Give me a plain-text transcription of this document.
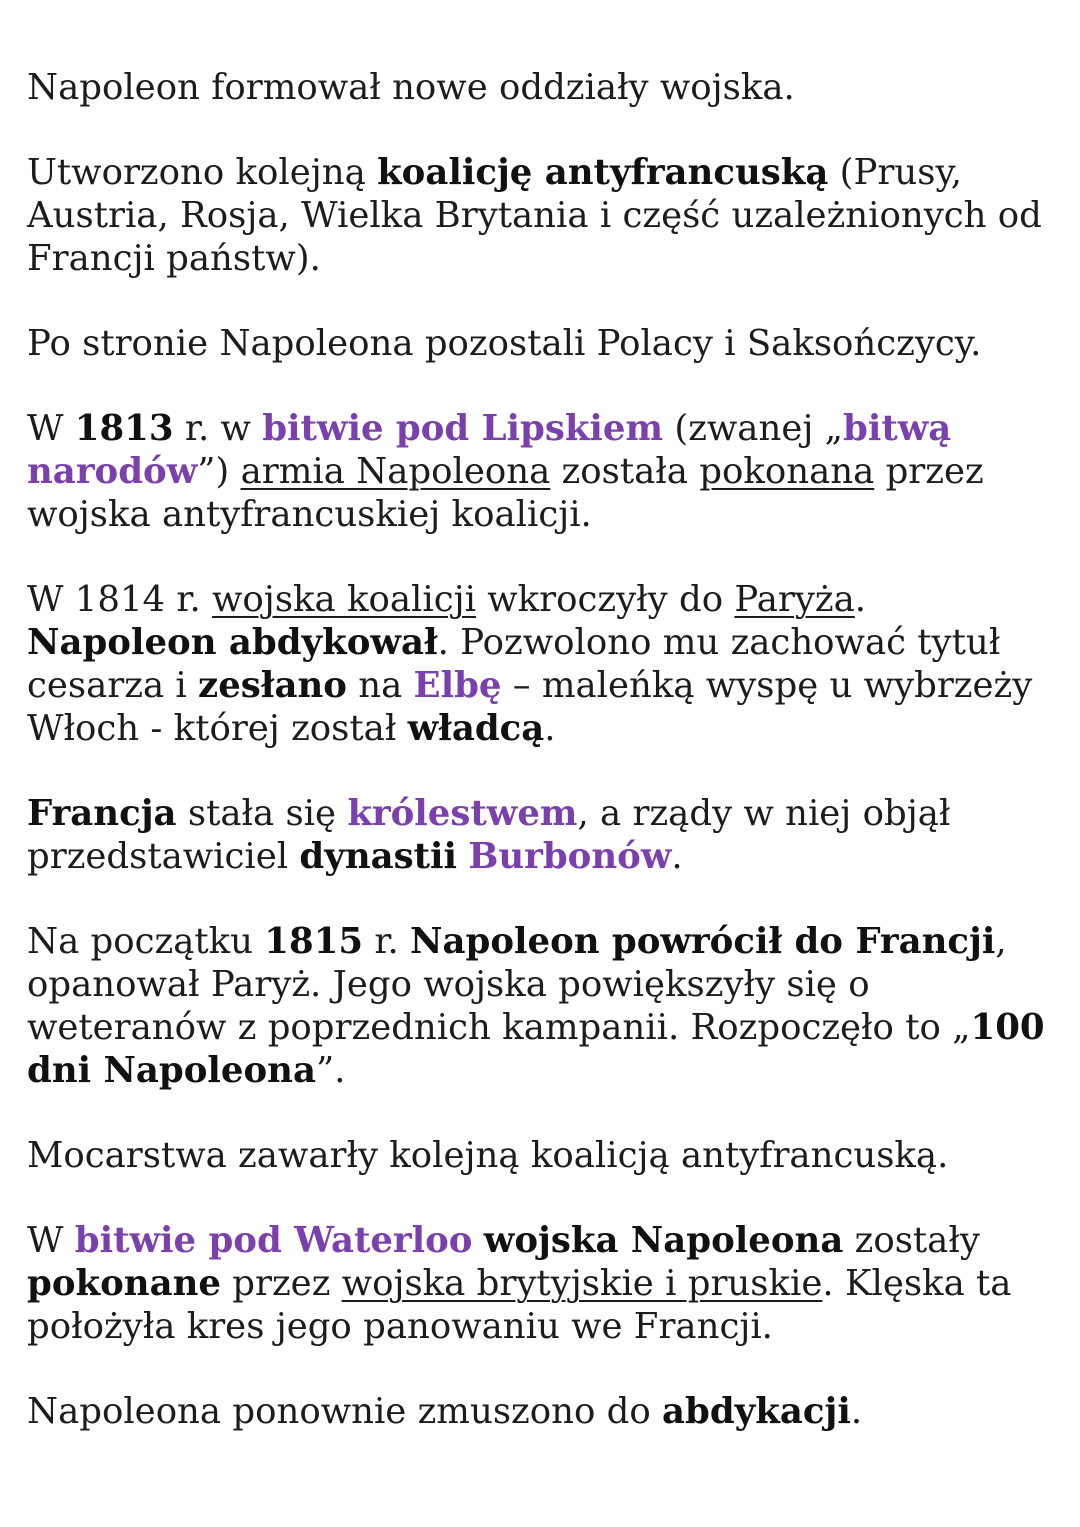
Napoleon formował nowe oddziały wojska.

Utworzono kolejną koalicję antyfrancuską (Prusy, Austria, Rosja, Wielka Brytania i część uzależnionych od Francji państw).

Po stronie Napoleona pozostali Polacy i Saksończycy.

W 1813 r. w bitwie pod Lipskiem (zwanej „bitwą narodów”) armia Napoleona została pokonana przez wojska antyfrancuskiej koalicji.

W 1814 r. wojska koalicji wkroczyły do Paryża. Napoleon abdykował. Pozwolono mu zachować tytuł cesarza i zesłano na Elbę – maleńką wyspę u wybrzeży Włoch - której został władcą.

Francja stała się królestwem, a rządy w niej objął przedstawiciel dynastii Burbonów.

Na początku 1815 r. Napoleon powrócił do Francji, opanował Paryż. Jego wojska powiększyły się o weteranów z poprzednich kampanii. Rozpoczęło to „100 dni Napoleona”.

Mocarstwa zawarły kolejną koalicją antyfrancuską.

W bitwie pod Waterloo wojska Napoleona zostały pokonane przez wojska brytyjskie i pruskie. Klęska ta położyła kres jego panowaniu we Francji.

Napoleona ponownie zmuszono do abdykacji.
